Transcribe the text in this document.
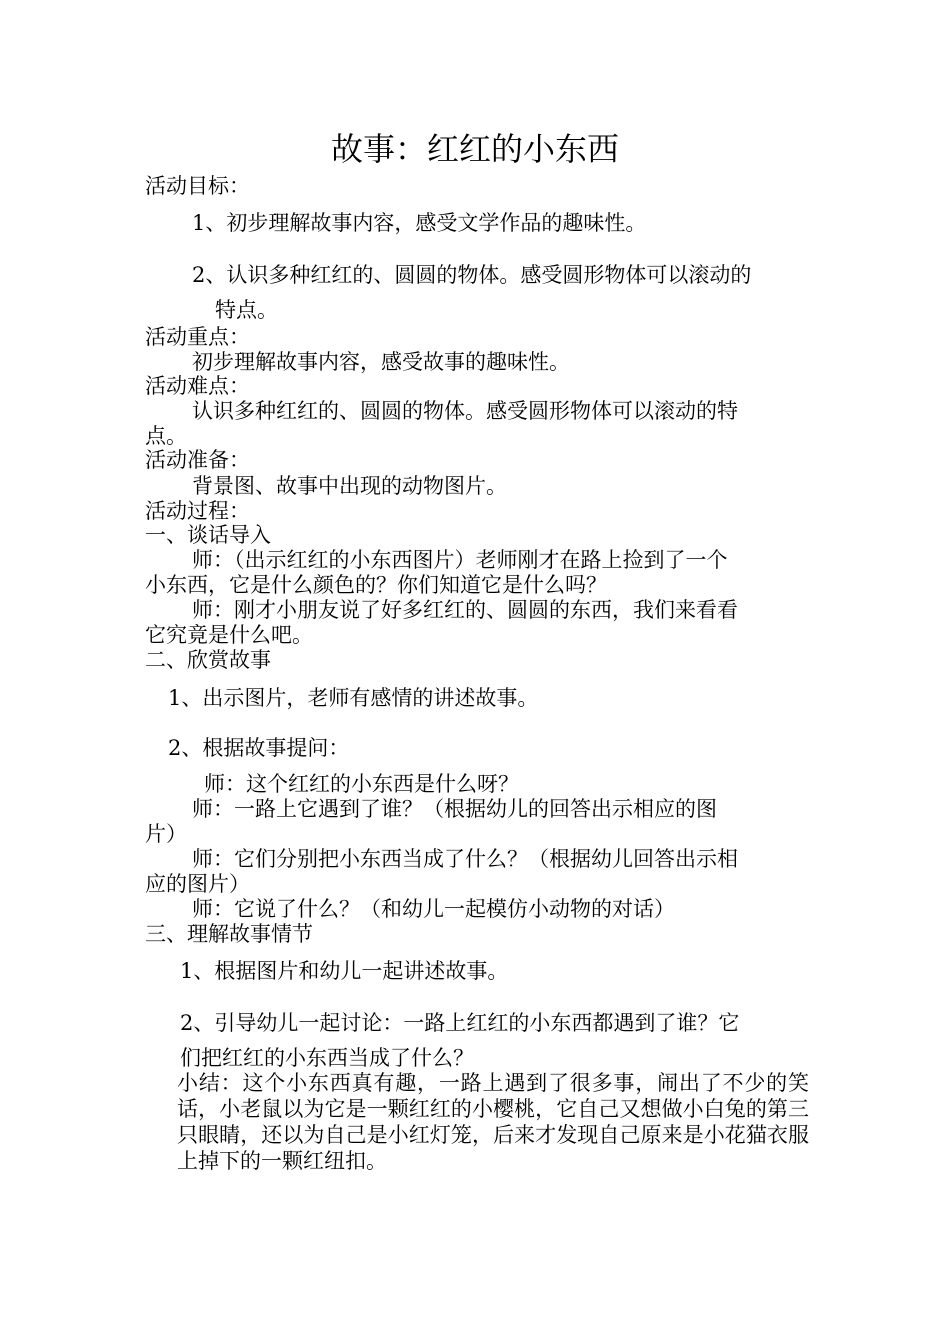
故事：红红的小东西
活动目标：
1、初步理解故事内容，感受文学作品的趣味性。
2、认识多种红红的、圆圆的物体。感受圆形物体可以滚动的
特点。
活动重点：
初步理解故事内容，感受故事的趣味性。
活动难点：
认识多种红红的、圆圆的物体。感受圆形物体可以滚动的特
点。
活动准备：
背景图、故事中出现的动物图片。
活动过程：
一、谈话导入
师：（出示红红的小东西图片）老师刚才在路上捡到了一个
小东西，它是什么颜色的？你们知道它是什么吗？
师：刚才小朋友说了好多红红的、圆圆的东西，我们来看看
它究竟是什么吧。
二、欣赏故事
1、出示图片，老师有感情的讲述故事。
2、根据故事提问：
师：这个红红的小东西是什么呀？
师：一路上它遇到了谁？（根据幼儿的回答出示相应的图
片）
师：它们分别把小东西当成了什么？（根据幼儿回答出示相
应的图片）
师：它说了什么？（和幼儿一起模仿小动物的对话）
三、理解故事情节
1、根据图片和幼儿一起讲述故事。
2、引导幼儿一起讨论：一路上红红的小东西都遇到了谁？它
们把红红的小东西当成了什么？
小结：这个小东西真有趣，一路上遇到了很多事，闹出了不少的笑话，小老鼠以为它是一颗红红的小樱桃，它自己又想做小白兔的第三只眼睛，还以为自己是小红灯笼，后来才发现自己原来是小花猫衣服上掉下的一颗红纽扣。
